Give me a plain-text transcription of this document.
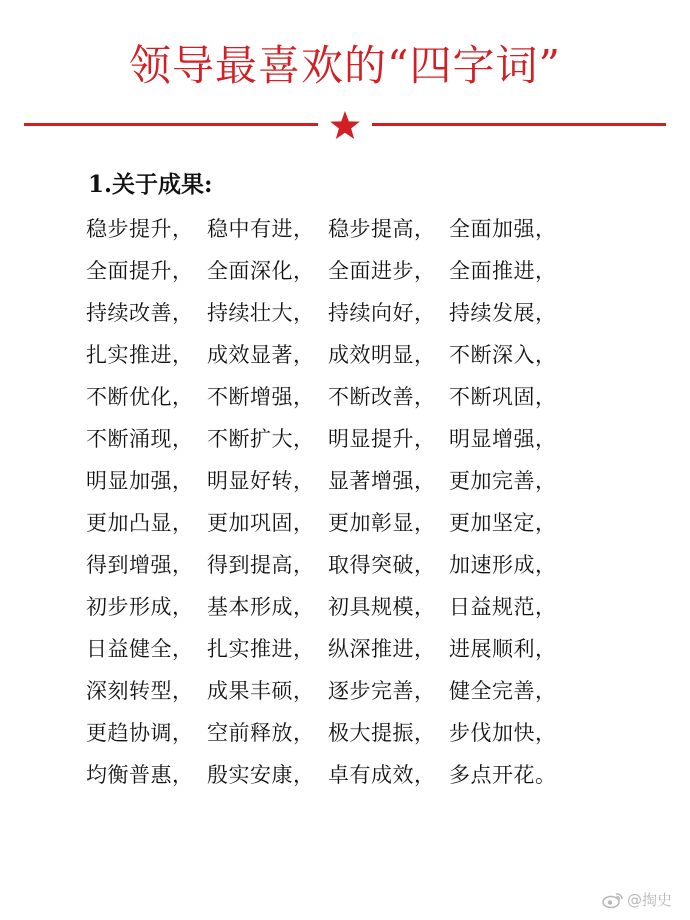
领导最喜欢的“四字词”
1.关于成果:
稳步提升， 稳中有进， 稳步提高， 全面加强，
全面提升， 全面深化， 全面进步， 全面推进，
持续改善， 持续壮大， 持续向好， 持续发展，
扎实推进， 成效显著， 成效明显， 不断深入，
不断优化， 不断增强， 不断改善， 不断巩固，
不断涌现， 不断扩大， 明显提升， 明显增强，
明显加强， 明显好转， 显著增强， 更加完善，
更加凸显， 更加巩固， 更加彰显， 更加坚定，
得到增强， 得到提高， 取得突破， 加速形成，
初步形成， 基本形成， 初具规模， 日益规范，
日益健全， 扎实推进， 纵深推进， 进展顺利，
深刻转型， 成果丰硕， 逐步完善， 健全完善，
更趋协调， 空前释放， 极大提振， 步伐加快，
均衡普惠， 殷实安康， 卓有成效， 多点开花。
@掏史
